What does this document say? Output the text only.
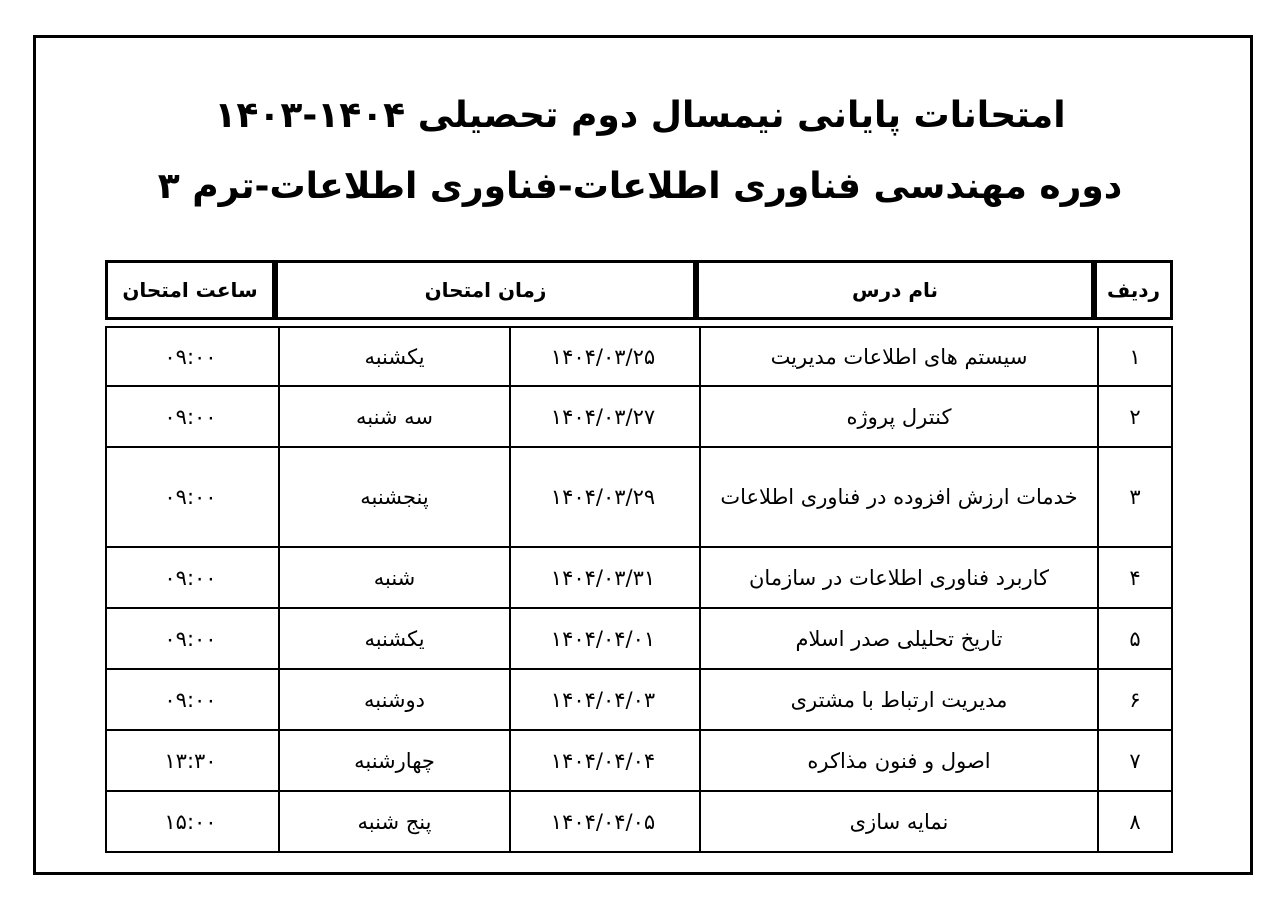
امتحانات پایانی نیمسال دوم تحصیلی ۱۴۰۴-۱۴۰۳
دوره مهندسی فناوری اطلاعات-فناوری اطلاعات-ترم ۳
ردیف	نام درس	زمان امتحان		ساعت امتحان

۱	سیستم های اطلاعات مدیریت	۱۴۰۴/۰۳/۲۵	یکشنبه	۰۹:۰۰
۲	کنترل پروژه	۱۴۰۴/۰۳/۲۷	سه شنبه	۰۹:۰۰
۳	خدمات ارزش افزوده در فناوری اطلاعات	۱۴۰۴/۰۳/۲۹	پنجشنبه	۰۹:۰۰
۴	کاربرد فناوری اطلاعات در سازمان	۱۴۰۴/۰۳/۳۱	شنبه	۰۹:۰۰
۵	تاریخ تحلیلی صدر اسلام	۱۴۰۴/۰۴/۰۱	یکشنبه	۰۹:۰۰
۶	مدیریت ارتباط با مشتری	۱۴۰۴/۰۴/۰۳	دوشنبه	۰۹:۰۰
۷	اصول و فنون مذاکره	۱۴۰۴/۰۴/۰۴	چهارشنبه	۱۳:۳۰
۸	نمایه سازی	۱۴۰۴/۰۴/۰۵	پنج شنبه	۱۵:۰۰
